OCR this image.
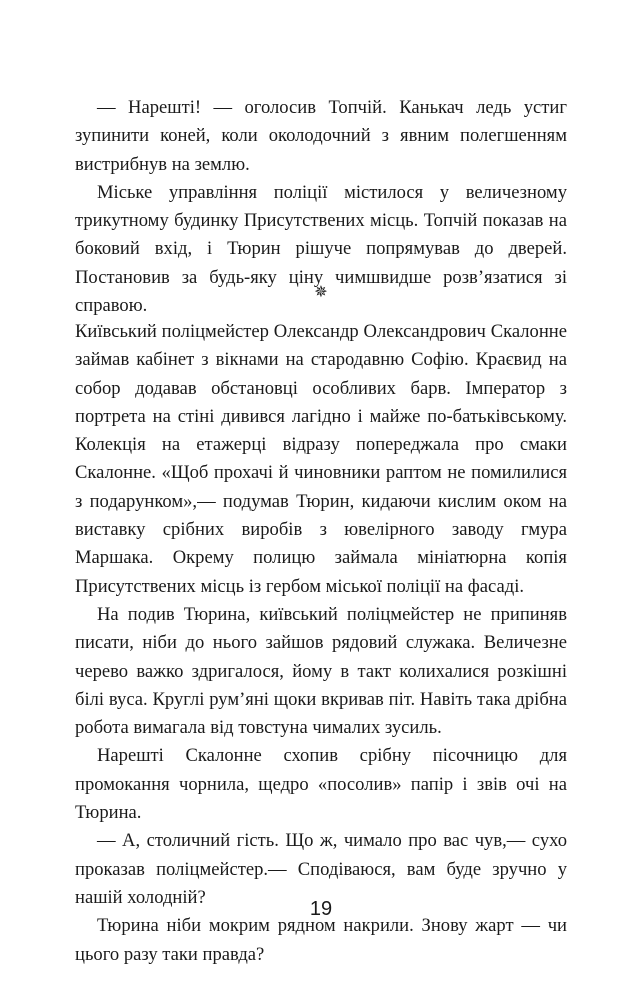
— Нарешті! — оголосив Топчій. Канькач ледь устиг зупинити коней, коли околодочний з явним полегшенням вистрибнув на землю.

Міське управління поліції містилося у величезному трикутному будинку Присутствених місць. Топчій показав на боковий вхід, і Тюрин рішуче попрямував до дверей. Постановив за будь-яку ціну чимшвидше розв’язатися зі справою.

✵

Київський поліцмейстер Олександр Олександрович Скалонне займав кабінет з вікнами на стародавню Софію. Краєвид на собор додавав обстановці особливих барв. Імператор з портрета на стіні дивився лагідно і майже по-батьківському. Колекція на етажерці відразу попереджала про смаки Скалонне. «Щоб прохачі й чиновники раптом не помилилися з подарунком»,— подумав Тюрин, кидаючи кислим оком на виставку срібних виробів з ювелірного заводу гмура Маршака. Окрему полицю займала мініатюрна копія Присутствених місць із гербом міської поліції на фасаді.

На подив Тюрина, київський поліцмейстер не припиняв писати, ніби до нього зайшов рядовий служака. Величезне черево важко здригалося, йому в такт колихалися розкішні білі вуса. Круглі рум’яні щоки вкривав піт. Навіть така дрібна робота вимагала від товстуна чималих зусиль.

Нарешті Скалонне схопив срібну пісочницю для промокання чорнила, щедро «посолив» папір і звів очі на Тюрина.

— А, столичний гість. Що ж, чимало про вас чув,— сухо проказав поліцмейстер.— Сподіваюся, вам буде зручно у нашій холодній?

Тюрина ніби мокрим рядном накрили. Знову жарт — чи цього разу таки правда?

19
